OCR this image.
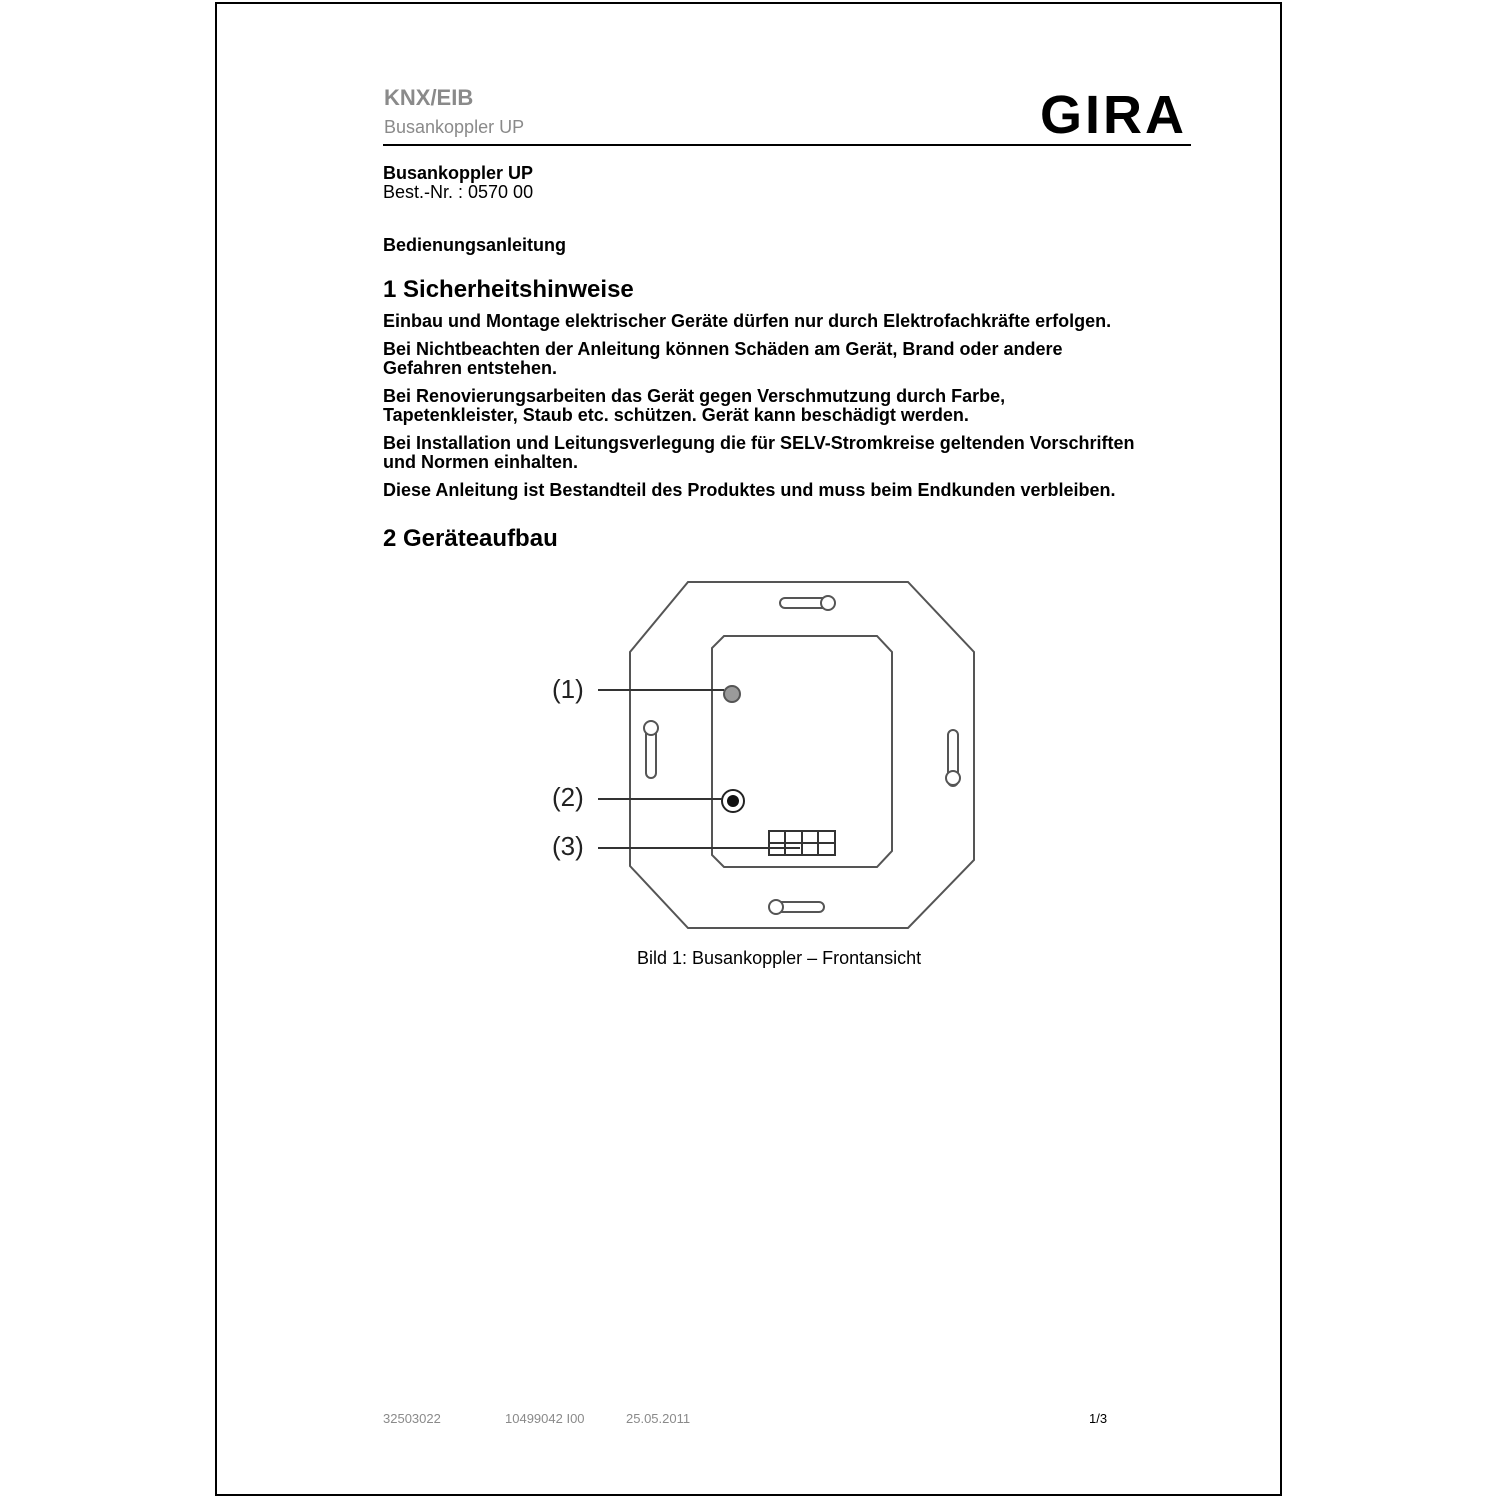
KNX/EIB
Busankoppler UP	GIRA
Busankoppler UP
Best.-Nr. : 0570 00
Bedienungsanleitung
1 Sicherheitshinweise

Einbau und Montage elektrischer Geräte dürfen nur durch Elektrofachkräfte erfolgen.

Bei Nichtbeachten der Anleitung können Schäden am Gerät, Brand oder andere
Gefahren entstehen.

Bei Renovierungsarbeiten das Gerät gegen Verschmutzung durch Farbe,
Tapetenkleister, Staub etc. schützen. Gerät kann beschädigt werden.

Bei Installation und Leitungsverlegung die für SELV-Stromkreise geltenden Vorschriften
und Normen einhalten.

Diese Anleitung ist Bestandteil des Produktes und muss beim Endkunden verbleiben.

2 Geräteaufbau
(1)
(2)
(3)
Bild 1: Busankoppler – Frontansicht
32503022	10499042 I00	25.05.2011	1/3
